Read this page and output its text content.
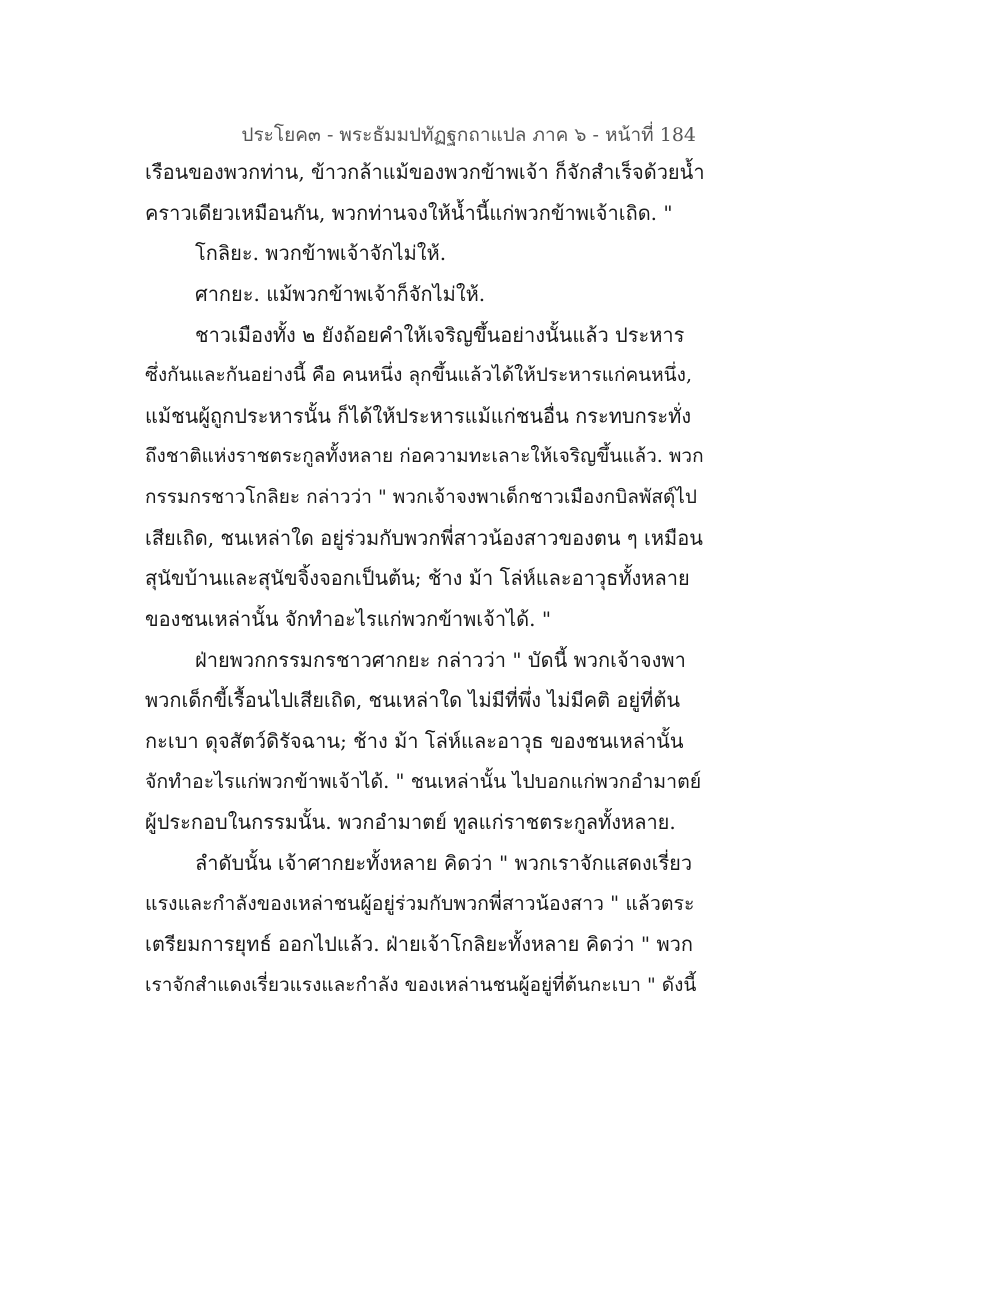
ประโยค๓ - พระธัมมปทัฏฐกถาแปล ภาค ๖ - หน้าที่ 184
เรือนของพวกท่าน, ข้าวกล้าแม้ของพวกข้าพเจ้า ก็จักสำเร็จด้วยน้ำ
คราวเดียวเหมือนกัน, พวกท่านจงให้น้ำนี้แก่พวกข้าพเจ้าเถิด. "
โกลิยะ. พวกข้าพเจ้าจักไม่ให้.
ศากยะ. แม้พวกข้าพเจ้าก็จักไม่ให้.
ชาวเมืองทั้ง ๒ ยังถ้อยคำให้เจริญขึ้นอย่างนั้นแล้ว ประหาร
ซึ่งกันและกันอย่างนี้ คือ คนหนึ่ง ลุกขึ้นแล้วได้ให้ประหารแก่คนหนึ่ง,
แม้ชนผู้ถูกประหารนั้น ก็ได้ให้ประหารแม้แก่ชนอื่น กระทบกระทั่ง
ถึงชาติแห่งราชตระกูลทั้งหลาย ก่อความทะเลาะให้เจริญขึ้นแล้ว. พวก
กรรมกรชาวโกลิยะ กล่าวว่า " พวกเจ้าจงพาเด็กชาวเมืองกบิลพัสดุ์ไป
เสียเถิด, ชนเหล่าใด อยู่ร่วมกับพวกพี่สาวน้องสาวของตน ๆ เหมือน
สุนัขบ้านและสุนัขจิ้งจอกเป็นต้น; ช้าง ม้า โล่ห์และอาวุธทั้งหลาย
ของชนเหล่านั้น จักทำอะไรแก่พวกข้าพเจ้าได้. "
ฝ่ายพวกกรรมกรชาวศากยะ กล่าวว่า " บัดนี้ พวกเจ้าจงพา
พวกเด็กขี้เรื้อนไปเสียเถิด, ชนเหล่าใด ไม่มีที่พึ่ง ไม่มีคติ อยู่ที่ต้น
กะเบา ดุจสัตว์ดิรัจฉาน; ช้าง ม้า โล่ห์และอาวุธ ของชนเหล่านั้น
จักทำอะไรแก่พวกข้าพเจ้าได้. " ชนเหล่านั้น ไปบอกแก่พวกอำมาตย์
ผู้ประกอบในกรรมนั้น. พวกอำมาตย์ ทูลแก่ราชตระกูลทั้งหลาย.
ลำดับนั้น เจ้าศากยะทั้งหลาย คิดว่า " พวกเราจักแสดงเรี่ยว
แรงและกำลังของเหล่าชนผู้อยู่ร่วมกับพวกพี่สาวน้องสาว " แล้วตระ
เตรียมการยุทธ์ ออกไปแล้ว. ฝ่ายเจ้าโกลิยะทั้งหลาย คิดว่า " พวก
เราจักสำแดงเรี่ยวแรงและกำลัง ของเหล่านชนผู้อยู่ที่ต้นกะเบา " ดังนี้
